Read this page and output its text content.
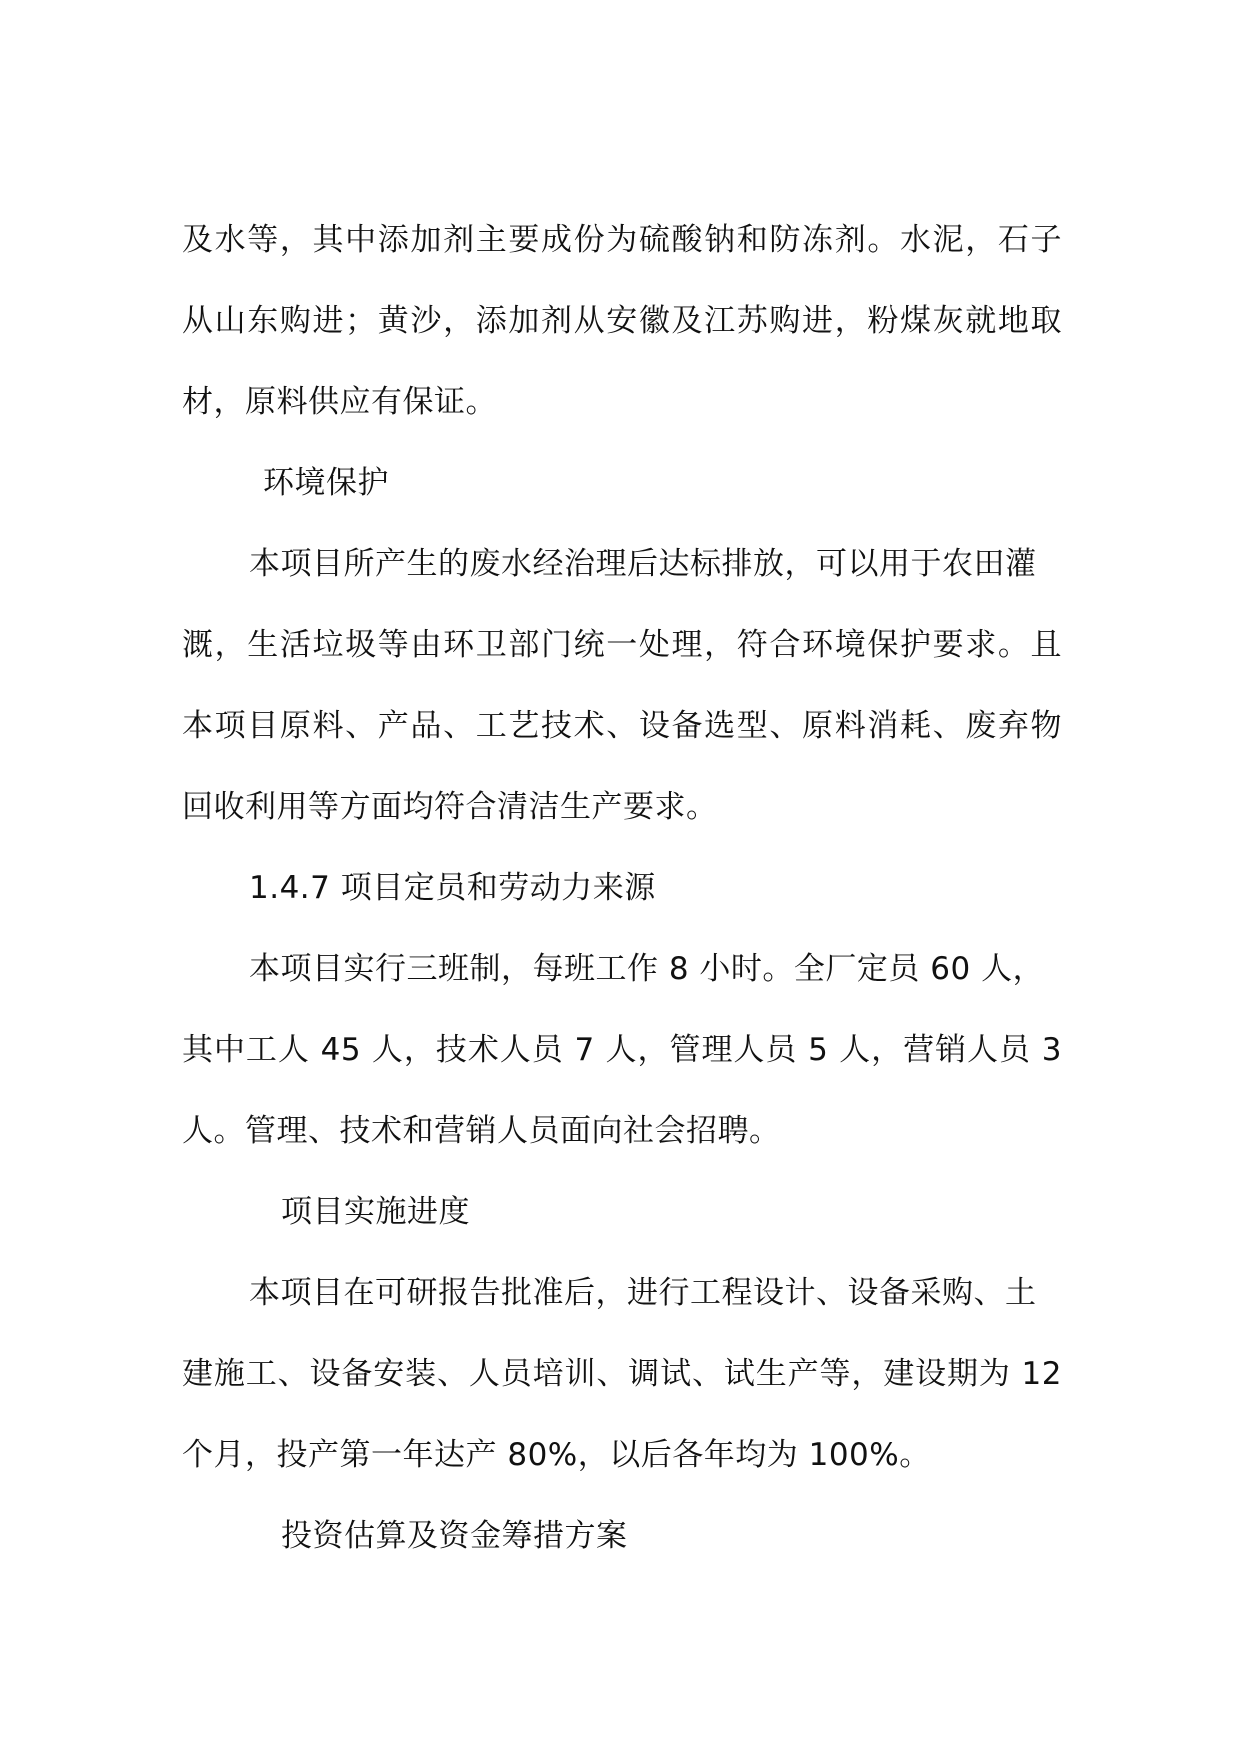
及水等，其中添加剂主要成份为硫酸钠和防冻剂。水泥，石子
从山东购进；黄沙，添加剂从安徽及江苏购进，粉煤灰就地取
材，原料供应有保证。
环境保护
本项目所产生的废水经治理后达标排放，可以用于农田灌
溉，生活垃圾等由环卫部门统一处理，符合环境保护要求。且
本项目原料、产品、工艺技术、设备选型、原料消耗、废弃物
回收利用等方面均符合清洁生产要求。
1.4.7 项目定员和劳动力来源
本项目实行三班制，每班工作 8 小时。全厂定员 60 人，
其中工人 45 人，技术人员 7 人，管理人员 5 人，营销人员 3
人。管理、技术和营销人员面向社会招聘。
项目实施进度
本项目在可研报告批准后，进行工程设计、设备采购、土
建施工、设备安装、人员培训、调试、试生产等，建设期为 12
个月，投产第一年达产 80%，以后各年均为 100%。
投资估算及资金筹措方案
